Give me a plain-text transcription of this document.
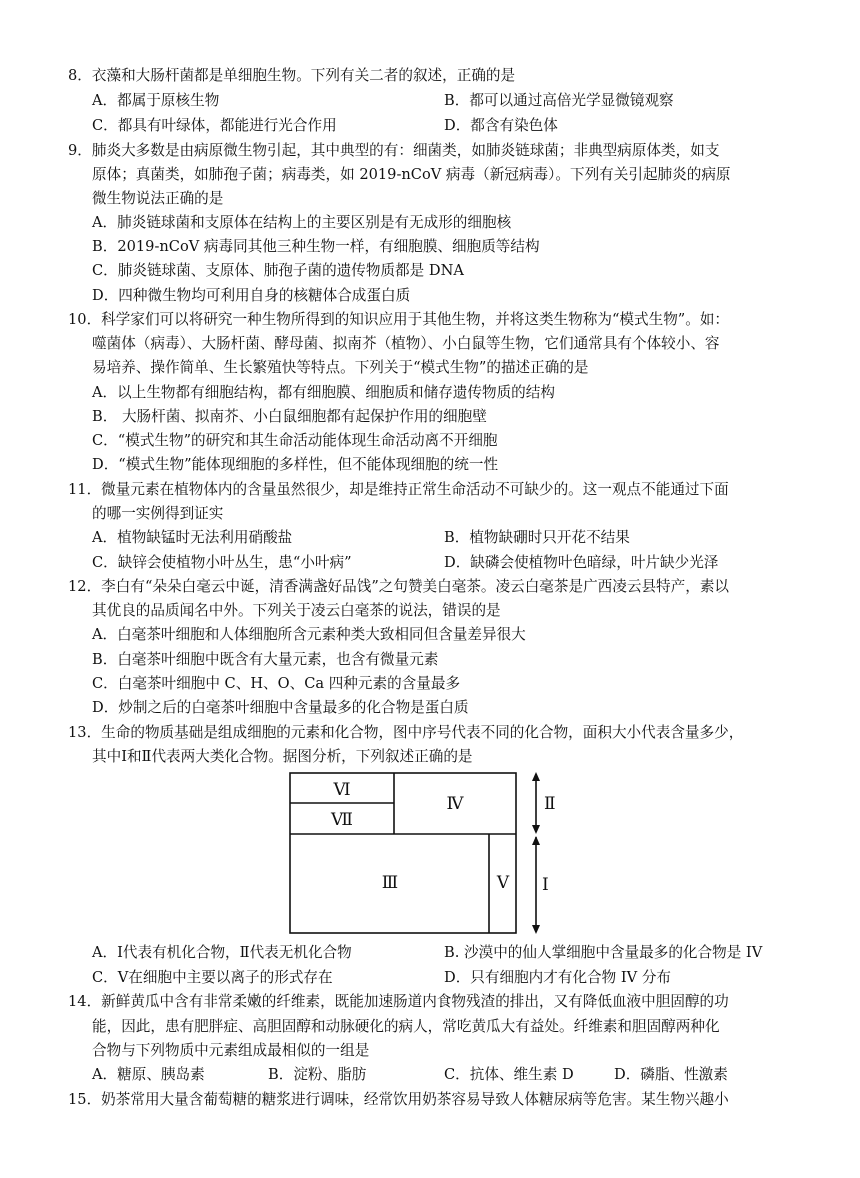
8．衣藻和大肠杆菌都是单细胞生物。下列有关二者的叙述，正确的是
A．都属于原核生物	B．都可以通过高倍光学显微镜观察
C．都具有叶绿体，都能进行光合作用	D．都含有染色体
9．肺炎大多数是由病原微生物引起，其中典型的有：细菌类，如肺炎链球菌；非典型病原体类，如支
原体；真菌类，如肺孢子菌；病毒类，如 2019-nCoV 病毒（新冠病毒）。下列有关引起肺炎的病原
微生物说法正确的是
A．肺炎链球菌和支原体在结构上的主要区别是有无成形的细胞核
B．2019-nCoV 病毒同其他三种生物一样，有细胞膜、细胞质等结构
C．肺炎链球菌、支原体、肺孢子菌的遗传物质都是 DNA
D．四种微生物均可利用自身的核糖体合成蛋白质
10．科学家们可以将研究一种生物所得到的知识应用于其他生物，并将这类生物称为“模式生物”。如：
噬菌体（病毒）、大肠杆菌、酵母菌、拟南芥（植物）、小白鼠等生物，它们通常具有个体较小、容
易培养、操作简单、生长繁殖快等特点。下列关于“模式生物”的描述正确的是
A．以上生物都有细胞结构，都有细胞膜、细胞质和储存遗传物质的结构
B． 大肠杆菌、拟南芥、小白鼠细胞都有起保护作用的细胞壁
C．“模式生物”的研究和其生命活动能体现生命活动离不开细胞
D．“模式生物”能体现细胞的多样性，但不能体现细胞的统一性
11．微量元素在植物体内的含量虽然很少，却是维持正常生命活动不可缺少的。这一观点不能通过下面
的哪一实例得到证实
A．植物缺锰时无法利用硝酸盐	B．植物缺硼时只开花不结果
C．缺锌会使植物小叶丛生，患“小叶病”	D．缺磷会使植物叶色暗绿，叶片缺少光泽
12．李白有“朵朵白毫云中诞，清香满盏好品饯”之句赞美白毫茶。凌云白毫茶是广西凌云县特产，素以
其优良的品质闻名中外。下列关于凌云白毫茶的说法，错误的是
A．白毫茶叶细胞和人体细胞所含元素种类大致相同但含量差异很大
B．白毫茶叶细胞中既含有大量元素，也含有微量元素
C．白毫茶叶细胞中 C、H、O、Ca 四种元素的含量最多
D．炒制之后的白毫茶叶细胞中含量最多的化合物是蛋白质
13．生命的物质基础是组成细胞的元素和化合物，图中序号代表不同的化合物，面积大小代表含量多少，
其中Ⅰ和Ⅱ代表两大类化合物。据图分析，下列叙述正确的是
Ⅵ
Ⅶ
Ⅳ
Ⅲ	Ⅴ
Ⅱ
Ⅰ
A．Ⅰ代表有机化合物，Ⅱ代表无机化合物	B. 沙漠中的仙人掌细胞中含量最多的化合物是 IV
C．Ⅴ在细胞中主要以离子的形式存在	D．只有细胞内才有化合物 IV 分布
14．新鲜黄瓜中含有非常柔嫩的纤维素，既能加速肠道内食物残渣的排出，又有降低血液中胆固醇的功
能，因此，患有肥胖症、高胆固醇和动脉硬化的病人，常吃黄瓜大有益处。纤维素和胆固醇两种化
合物与下列物质中元素组成最相似的一组是
A．糖原、胰岛素	B．淀粉、脂肪	C．抗体、维生素 D	D．磷脂、性激素
15．奶茶常用大量含葡萄糖的糖浆进行调味，经常饮用奶茶容易导致人体糖尿病等危害。某生物兴趣小
